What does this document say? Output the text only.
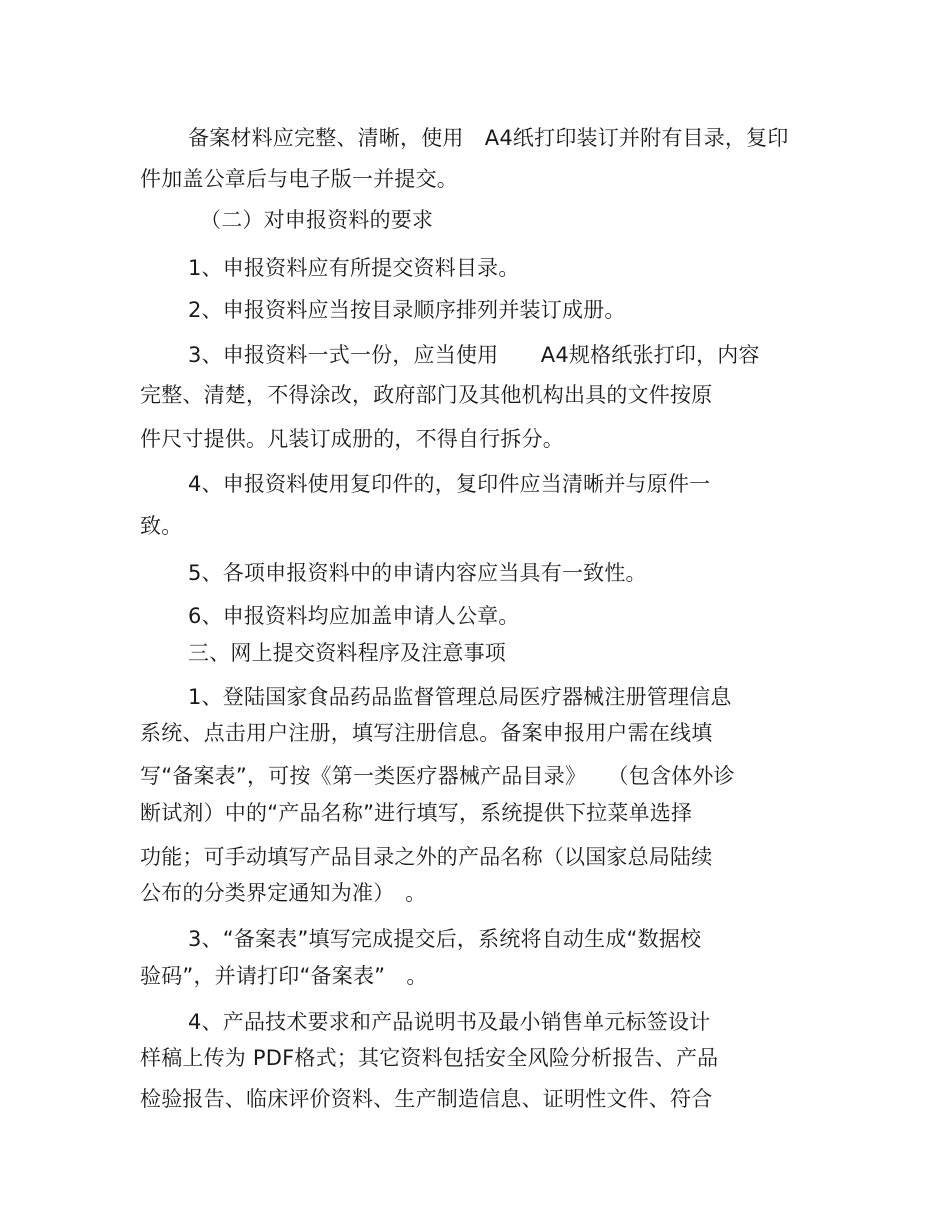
备案材料应完整、清晰，使用　A4纸打印装订并附有目录，复印
件加盖公章后与电子版一并提交。
（二）对申报资料的要求
1、申报资料应有所提交资料目录。
2、申报资料应当按目录顺序排列并装订成册。
3、申报资料一式一份，应当使用　　A4规格纸张打印，内容
完整、清楚，不得涂改，政府部门及其他机构出具的文件按原
件尺寸提供。凡装订成册的，不得自行拆分。
4、申报资料使用复印件的，复印件应当清晰并与原件一
致。
5、各项申报资料中的申请内容应当具有一致性。
6、申报资料均应加盖申请人公章。
三、网上提交资料程序及注意事项
1、登陆国家食品药品监督管理总局医疗器械注册管理信息
系统、点击用户注册，填写注册信息。备案申报用户需在线填
写“备案表”，可按《第一类医疗器械产品目录》　　（包含体外诊
断试剂）中的“产品名称”进行填写，系统提供下拉菜单选择
功能；可手动填写产品目录之外的产品名称（以国家总局陆续
公布的分类界定通知为准）　。
3、“备案表”填写完成提交后，系统将自动生成“数据校
验码”，并请打印“备案表”　。
4、产品技术要求和产品说明书及最小销售单元标签设计
样稿上传为 PDF格式；其它资料包括安全风险分析报告、产品
检验报告、临床评价资料、生产制造信息、证明性文件、符合
